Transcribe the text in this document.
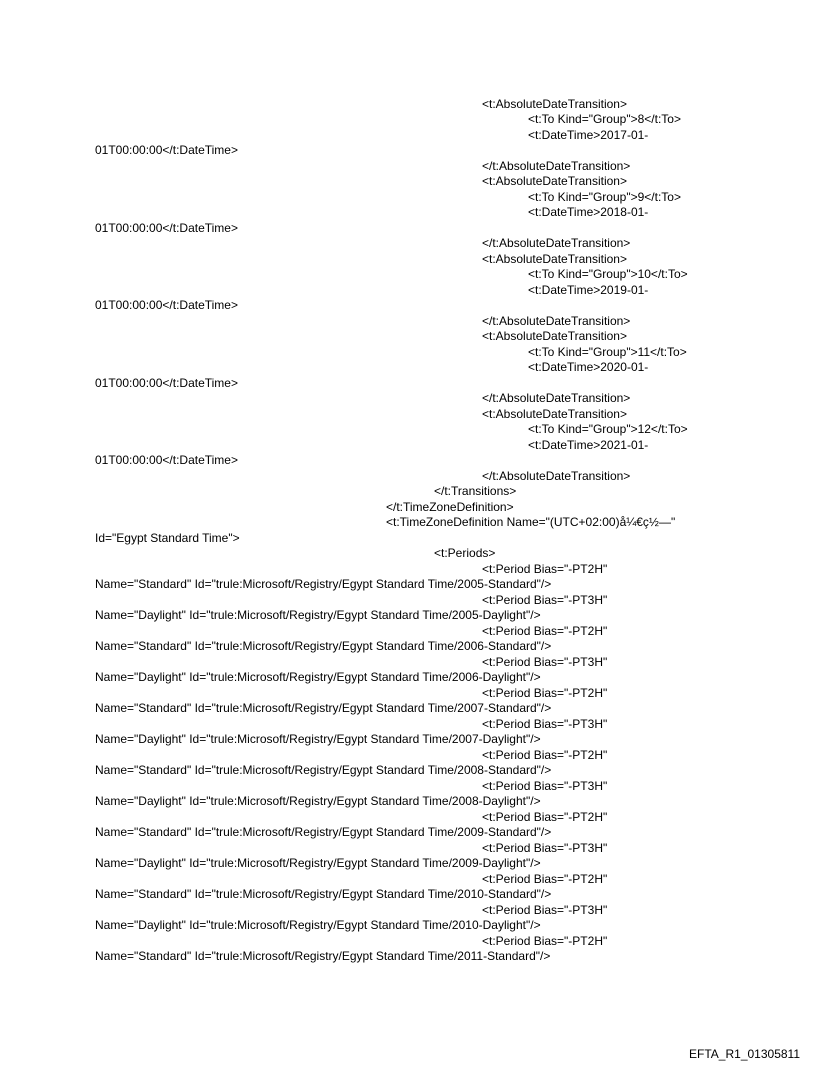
<t:AbsoluteDateTransition>
<t:To Kind="Group">8</t:To>
<t:DateTime>2017-01-
01T00:00:00</t:DateTime>
</t:AbsoluteDateTransition>
<t:AbsoluteDateTransition>
<t:To Kind="Group">9</t:To>
<t:DateTime>2018-01-
01T00:00:00</t:DateTime>
</t:AbsoluteDateTransition>
<t:AbsoluteDateTransition>
<t:To Kind="Group">10</t:To>
<t:DateTime>2019-01-
01T00:00:00</t:DateTime>
</t:AbsoluteDateTransition>
<t:AbsoluteDateTransition>
<t:To Kind="Group">11</t:To>
<t:DateTime>2020-01-
01T00:00:00</t:DateTime>
</t:AbsoluteDateTransition>
<t:AbsoluteDateTransition>
<t:To Kind="Group">12</t:To>
<t:DateTime>2021-01-
01T00:00:00</t:DateTime>
</t:AbsoluteDateTransition>
</t:Transitions>
</t:TimeZoneDefinition>
<t:TimeZoneDefinition Name="(UTC+02:00)å¼€ç½—"
Id="Egypt Standard Time">
<t:Periods>
<t:Period Bias="-PT2H"
Name="Standard" Id="trule:Microsoft/Registry/Egypt Standard Time/2005-Standard"/>
<t:Period Bias="-PT3H"
Name="Daylight" Id="trule:Microsoft/Registry/Egypt Standard Time/2005-Daylight"/>
<t:Period Bias="-PT2H"
Name="Standard" Id="trule:Microsoft/Registry/Egypt Standard Time/2006-Standard"/>
<t:Period Bias="-PT3H"
Name="Daylight" Id="trule:Microsoft/Registry/Egypt Standard Time/2006-Daylight"/>
<t:Period Bias="-PT2H"
Name="Standard" Id="trule:Microsoft/Registry/Egypt Standard Time/2007-Standard"/>
<t:Period Bias="-PT3H"
Name="Daylight" Id="trule:Microsoft/Registry/Egypt Standard Time/2007-Daylight"/>
<t:Period Bias="-PT2H"
Name="Standard" Id="trule:Microsoft/Registry/Egypt Standard Time/2008-Standard"/>
<t:Period Bias="-PT3H"
Name="Daylight" Id="trule:Microsoft/Registry/Egypt Standard Time/2008-Daylight"/>
<t:Period Bias="-PT2H"
Name="Standard" Id="trule:Microsoft/Registry/Egypt Standard Time/2009-Standard"/>
<t:Period Bias="-PT3H"
Name="Daylight" Id="trule:Microsoft/Registry/Egypt Standard Time/2009-Daylight"/>
<t:Period Bias="-PT2H"
Name="Standard" Id="trule:Microsoft/Registry/Egypt Standard Time/2010-Standard"/>
<t:Period Bias="-PT3H"
Name="Daylight" Id="trule:Microsoft/Registry/Egypt Standard Time/2010-Daylight"/>
<t:Period Bias="-PT2H"
Name="Standard" Id="trule:Microsoft/Registry/Egypt Standard Time/2011-Standard"/>
EFTA_R1_01305811
